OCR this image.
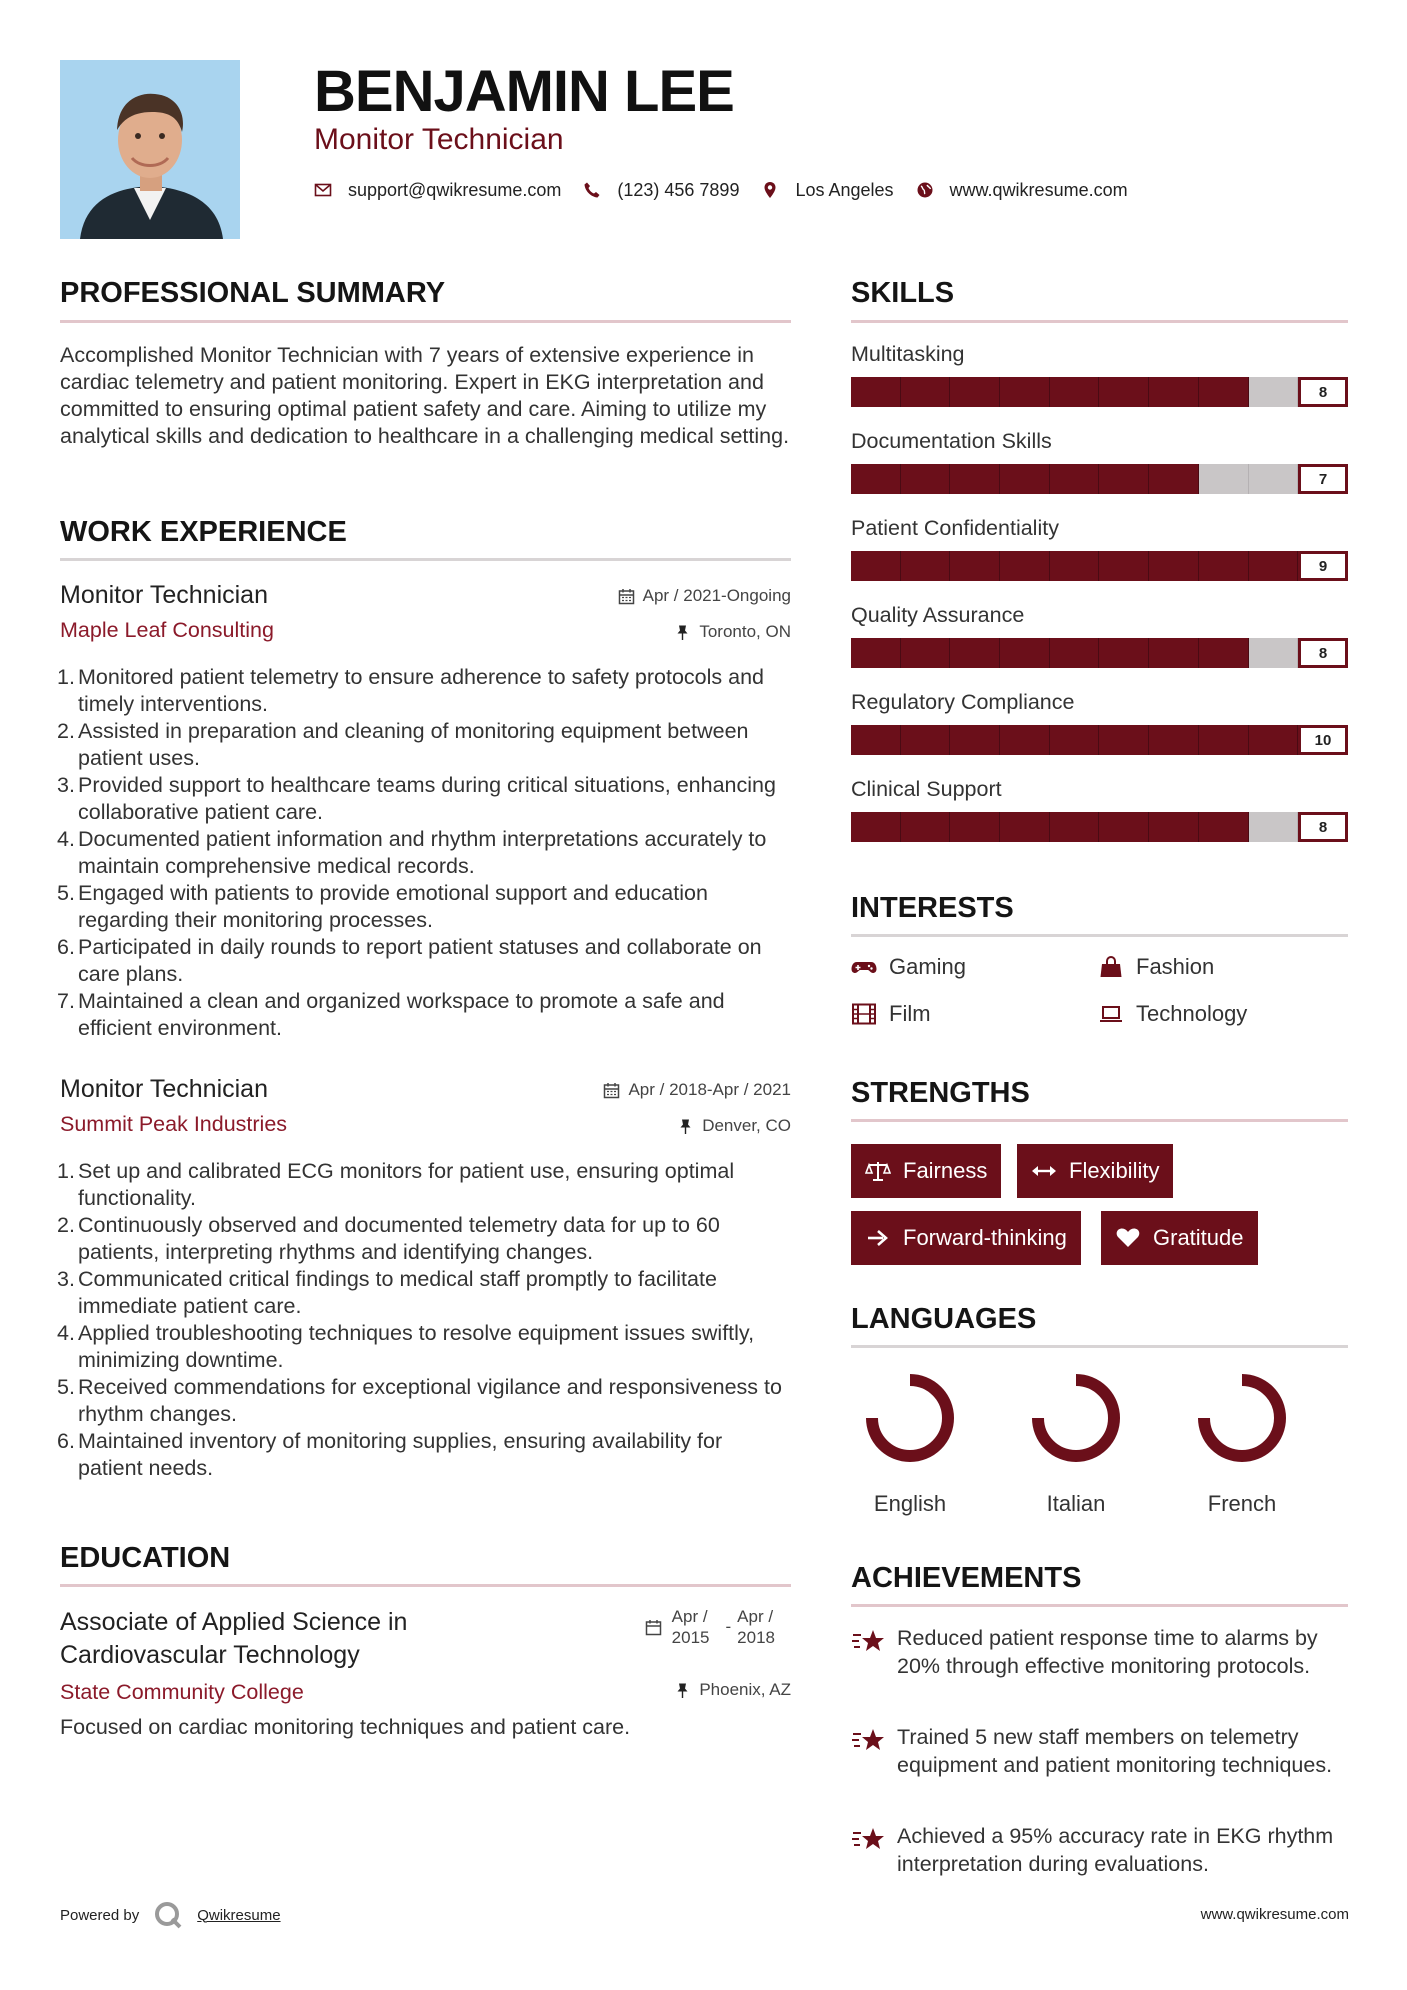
BENJAMIN LEE
Monitor Technician
support@qwikresume.com	(123) 456 7899	Los Angeles	www.qwikresume.com
PROFESSIONAL SUMMARY
Accomplished Monitor Technician with 7 years of extensive experience in cardiac telemetry and patient monitoring. Expert in EKG interpretation and committed to ensuring optimal patient safety and care. Aiming to utilize my analytical skills and dedication to healthcare in a challenging medical setting.
WORK EXPERIENCE
Monitor Technician	Apr / 2021-Ongoing
Maple Leaf Consulting	Toronto, ON
1. Monitored patient telemetry to ensure adherence to safety protocols and timely interventions.
2. Assisted in preparation and cleaning of monitoring equipment between patient uses.
3. Provided support to healthcare teams during critical situations, enhancing collaborative patient care.
4. Documented patient information and rhythm interpretations accurately to maintain comprehensive medical records.
5. Engaged with patients to provide emotional support and education regarding their monitoring processes.
6. Participated in daily rounds to report patient statuses and collaborate on care plans.
7. Maintained a clean and organized workspace to promote a safe and efficient environment.
Monitor Technician	Apr / 2018-Apr / 2021
Summit Peak Industries	Denver, CO
1. Set up and calibrated ECG monitors for patient use, ensuring optimal functionality.
2. Continuously observed and documented telemetry data for up to 60 patients, interpreting rhythms and identifying changes.
3. Communicated critical findings to medical staff promptly to facilitate immediate patient care.
4. Applied troubleshooting techniques to resolve equipment issues swiftly, minimizing downtime.
5. Received commendations for exceptional vigilance and responsiveness to rhythm changes.
6. Maintained inventory of monitoring supplies, ensuring availability for patient needs.
EDUCATION
Associate of Applied Science in
Cardiovascular Technology
State Community College
Apr /
2015
-
Apr /
2018
Phoenix, AZ
Focused on cardiac monitoring techniques and patient care.
SKILLS
Multitasking
8
Documentation Skills
7
Patient Confidentiality
9
Quality Assurance
8
Regulatory Compliance
10
Clinical Support
8
INTERESTS
Gaming	Fashion
Film	Technology
STRENGTHS
Fairness	Flexibility
Forward-thinking	Gratitude
LANGUAGES
English	Italian	French
ACHIEVEMENTS
Reduced patient response time to alarms by 20% through effective monitoring protocols.
Trained 5 new staff members on telemetry equipment and patient monitoring techniques.
Achieved a 95% accuracy rate in EKG rhythm interpretation during evaluations.
Powered by	Qwikresume	www.qwikresume.com
